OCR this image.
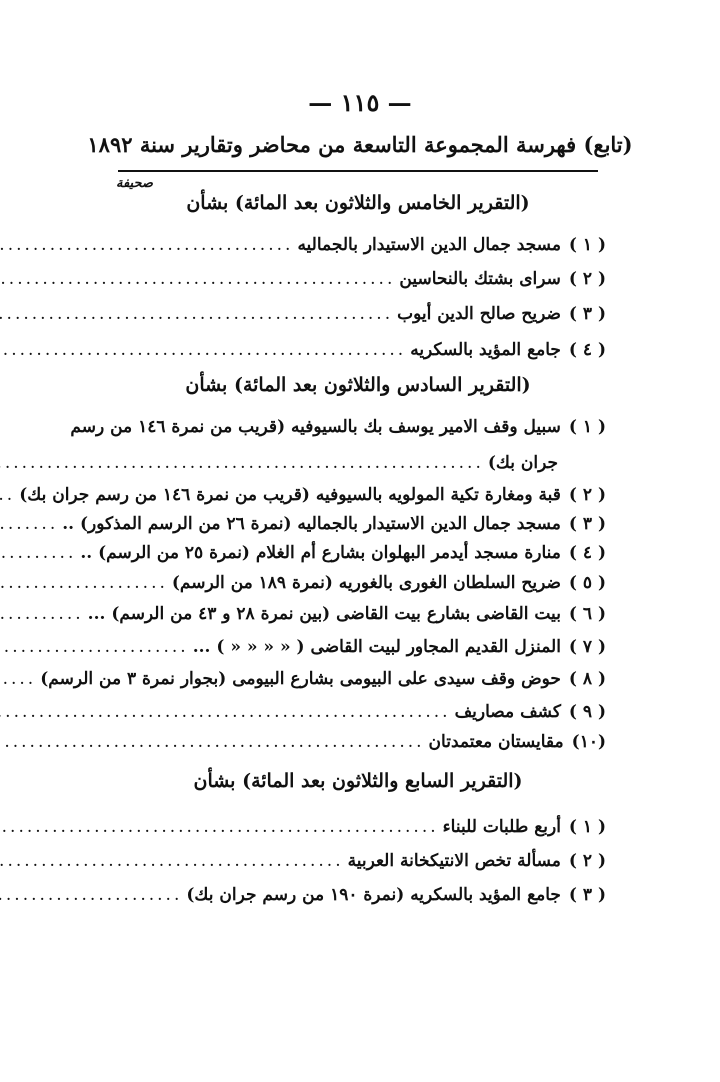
— ١١٥ —
(تابع) فهرسة المجموعة التاسعة من محاضر وتقارير سنة ١٨٩٢
صحيفة
(التقرير الخامس والثلاثون بعد المائة) بشأن
( ١ )
مسجد جمال الدين الاستيدار بالجماليه
.....
( ٢ )
سراى بشتك بالنحاسين
.....
( ٣ )
ضريح صالح الدين أيوب
.....
( ٤ )
جامع المؤيد بالسكريه
.....
(التقرير السادس والثلاثون بعد المائة) بشأن
( ١ )
سبيل وقف الامير يوسف بك بالسيوفيه (قريب من نمرة ١٤٦ من رسم
جران بك)
.....
( ٢ )
قبة ومغارة تكية المولويه بالسيوفيه (قريب من نمرة ١٤٦ من رسم جران بك)
.....
( ٣ )
مسجد جمال الدين الاستيدار بالجماليه (نمرة ٢٦ من الرسم المذكور) ..
.....
( ٤ )
منارة مسجد أيدمر البهلوان بشارع أم الغلام (نمرة ٢٥ من الرسم) ..
.....
( ٥ )
ضريح السلطان الغورى بالغوريه (نمرة ١٨٩ من الرسم)
.....
( ٦ )
بيت القاضى بشارع بيت القاضى (بين نمرة ٢٨ و ٤٣ من الرسم) ...
.....
( ٧ )
المنزل القديم المجاور لبيت القاضى ( « « « « ) ...
.....
( ٨ )
حوض وقف سيدى على البيومى بشارع البيومى (بجوار نمرة ٣ من الرسم)
.....
( ٩ )
كشف مصاريف
.....
(١٠)
مقايستان معتمدتان
.....
(التقرير السابع والثلاثون بعد المائة) بشأن
( ١ )
أربع طلبات للبناء
.....
( ٢ )
مسألة تخص الانتيكخانة العربية
.....
( ٣ )
جامع المؤيد بالسكريه (نمرة ١٩٠ من رسم جران بك)
.....
